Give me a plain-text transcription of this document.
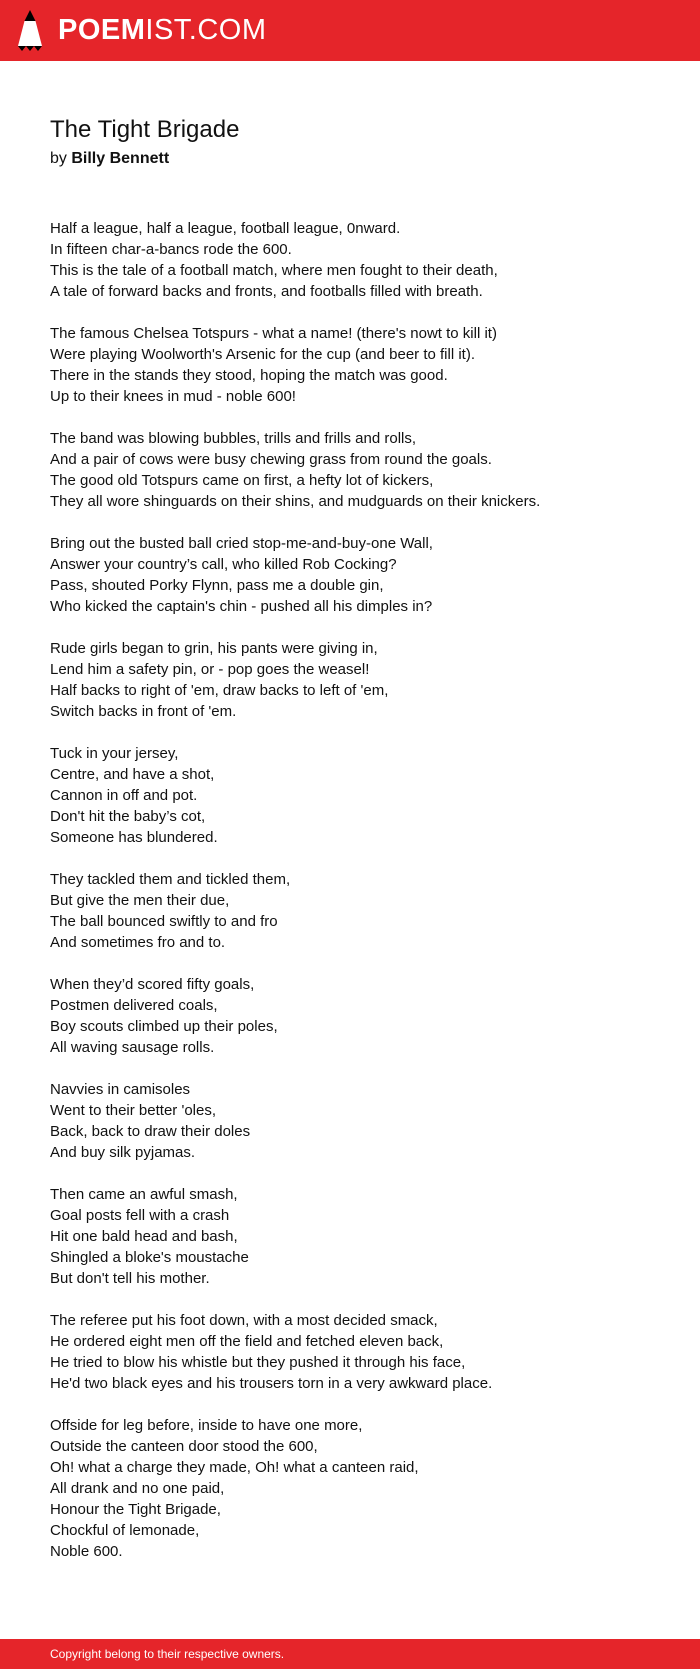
POEMIST.COM
The Tight Brigade
by Billy Bennett
Half a league, half a league, football league, 0nward.
In fifteen char-a-bancs rode the 600.
This is the tale of a football match, where men fought to their death,
A tale of forward backs and fronts, and footballs filled with breath.
The famous Chelsea Totspurs - what a name! (there's nowt to kill it)
Were playing Woolworth's Arsenic for the cup (and beer to fill it).
There in the stands they stood, hoping the match was good.
Up to their knees in mud - noble 600!
The band was blowing bubbles, trills and frills and rolls,
And a pair of cows were busy chewing grass from round the goals.
The good old Totspurs came on first, a hefty lot of kickers,
They all wore shinguards on their shins, and mudguards on their knickers.
Bring out the busted ball cried stop-me-and-buy-one Wall,
Answer your country’s call, who killed Rob Cocking?
Pass, shouted Porky Flynn, pass me a double gin,
Who kicked the captain's chin - pushed all his dimples in?
Rude girls began to grin, his pants were giving in,
Lend him a safety pin, or - pop goes the weasel!
Half backs to right of 'em, draw backs to left of 'em,
Switch backs in front of 'em.
Tuck in your jersey,
Centre, and have a shot,
Cannon in off and pot.
Don't hit the baby’s cot,
Someone has blundered.
They tackled them and tickled them,
But give the men their due,
The ball bounced swiftly to and fro
And sometimes fro and to.
When they’d scored fifty goals,
Postmen delivered coals,
Boy scouts climbed up their poles,
All waving sausage rolls.
Navvies in camisoles
Went to their better 'oles,
Back, back to draw their doles
And buy silk pyjamas.
Then came an awful smash,
Goal posts fell with a crash
Hit one bald head and bash,
Shingled a bloke's moustache
But don't tell his mother.
The referee put his foot down, with a most decided smack,
He ordered eight men off the field and fetched eleven back,
He tried to blow his whistle but they pushed it through his face,
He'd two black eyes and his trousers torn in a very awkward place.
Offside for leg before, inside to have one more,
Outside the canteen door stood the 600,
Oh! what a charge they made, Oh! what a canteen raid,
All drank and no one paid,
Honour the Tight Brigade,
Chockful of lemonade,
Noble 600.
Copyright belong to their respective owners.
